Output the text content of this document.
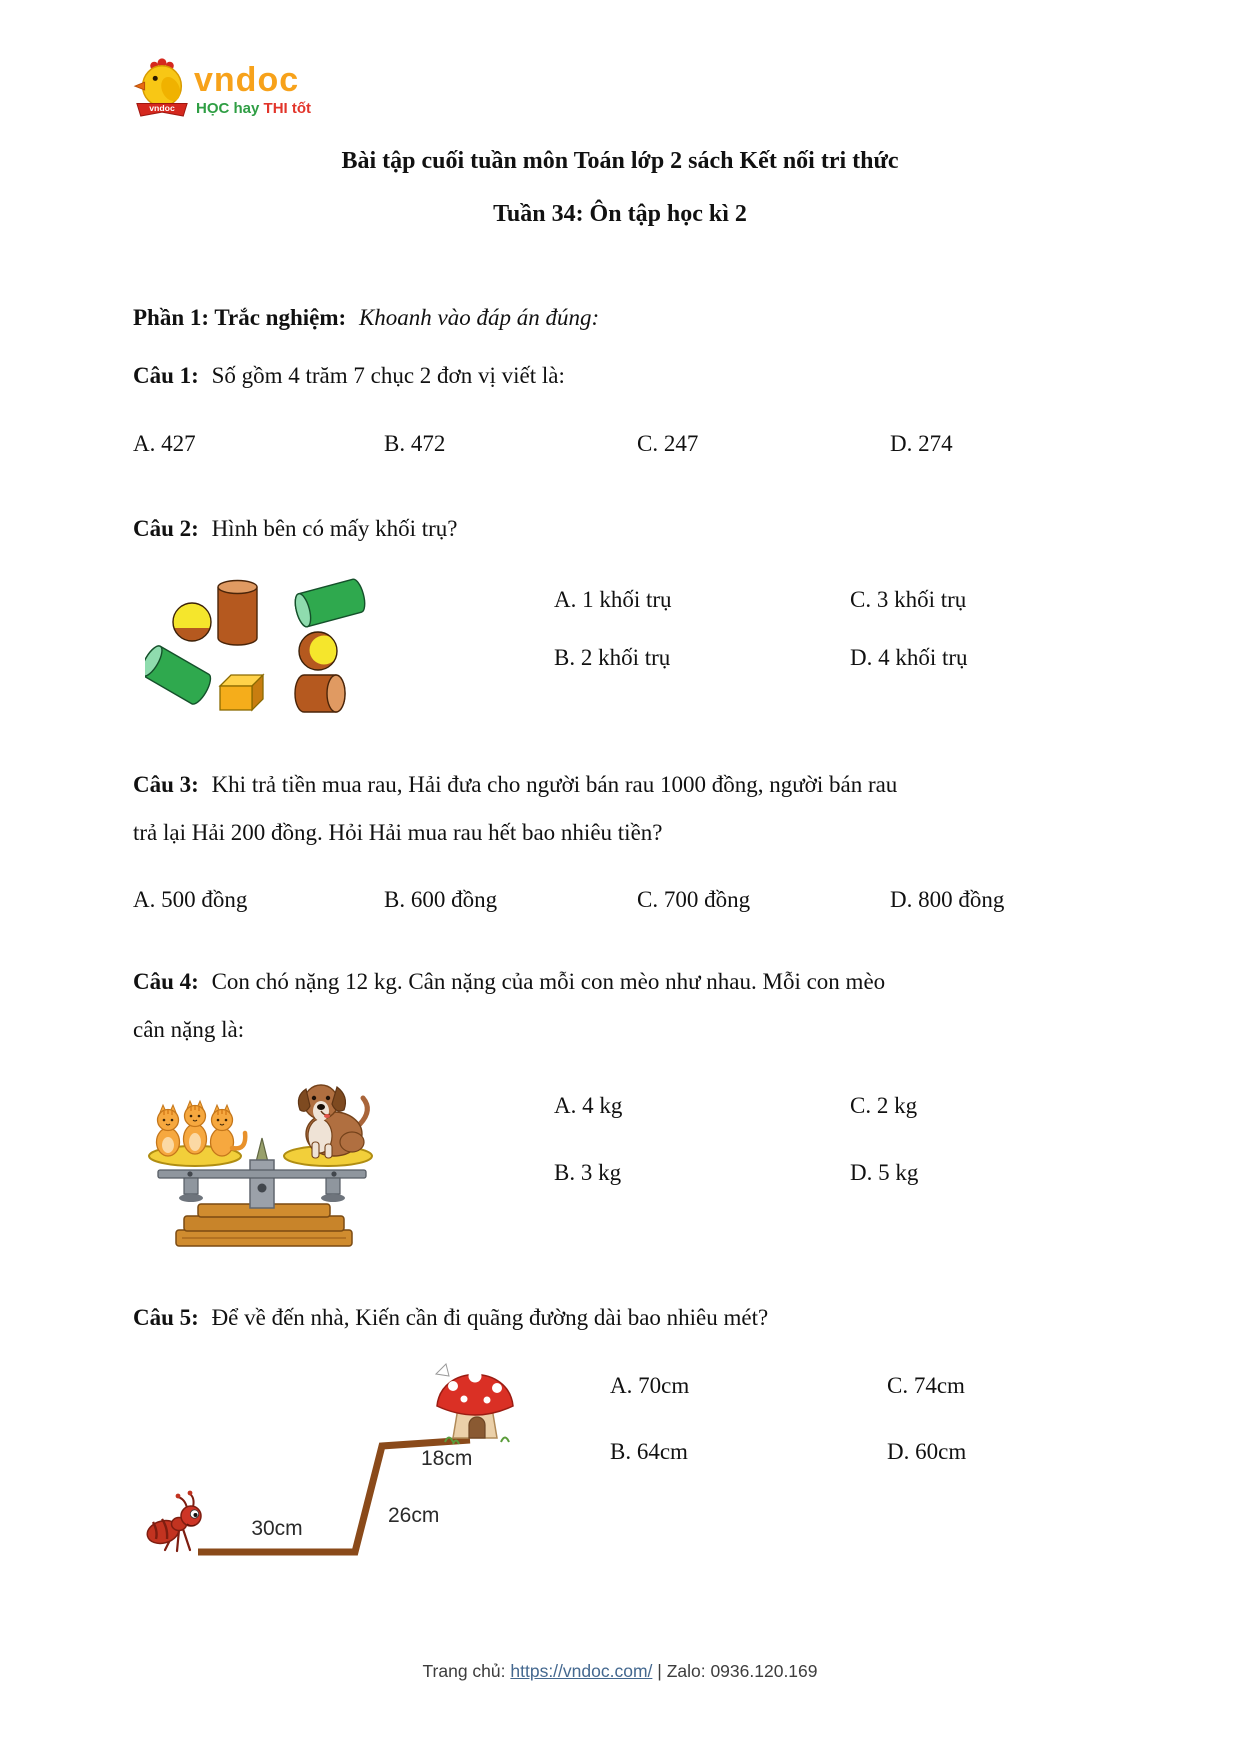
vndoc
vndoc
HỌC hay THI tốt
Bài tập cuối tuần môn Toán lớp 2 sách Kết nối tri thức
Tuần 34: Ôn tập học kì 2
Phần 1: Trắc nghiệm: Khoanh vào đáp án đúng:
Câu 1: Số gồm 4 trăm 7 chục 2 đơn vị viết là:
A. 427	B. 472	C. 247	D. 274
Câu 2: Hình bên có mấy khối trụ?
A. 1 khối trụ	C. 3 khối trụ
B. 2 khối trụ	D. 4 khối trụ
Câu 3: Khi trả tiền mua rau, Hải đưa cho người bán rau 1000 đồng, người bán rau
trả lại Hải 200 đồng. Hỏi Hải mua rau hết bao nhiêu tiền?
A. 500 đồng	B. 600 đồng	C. 700 đồng	D. 800 đồng
Câu 4: Con chó nặng 12 kg. Cân nặng của mỗi con mèo như nhau. Mỗi con mèo
cân nặng là:
A. 4 kg	C. 2 kg
B. 3 kg	D. 5 kg
Câu 5: Để về đến nhà, Kiến cần đi quãng đường dài bao nhiêu mét?
30cm
26cm
18cm
A. 70cm	C. 74cm
B. 64cm	D. 60cm
Trang chủ: https://vndoc.com/ | Zalo: 0936.120.169
